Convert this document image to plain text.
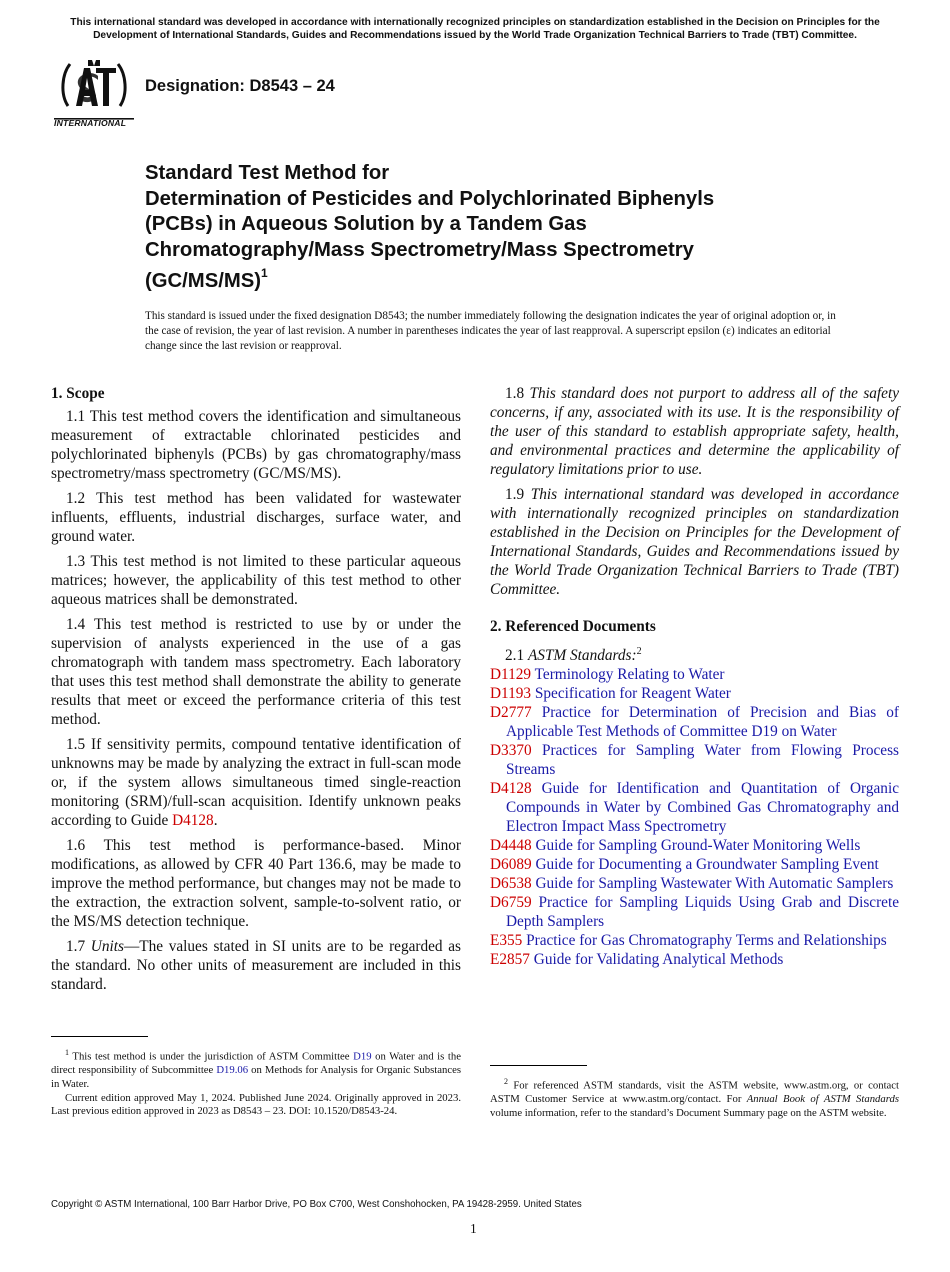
This international standard was developed in accordance with internationally recognized principles on standardization established in the Decision on Principles for the Development of International Standards, Guides and Recommendations issued by the World Trade Organization Technical Barriers to Trade (TBT) Committee.
INTERNATIONAL
Designation: D8543 – 24
Standard Test Method for
Determination of Pesticides and Polychlorinated Biphenyls
(PCBs) in Aqueous Solution by a Tandem Gas
Chromatography/Mass Spectrometry/Mass Spectrometry
$(GC/MS/MS)^1$
This standard is issued under the fixed designation D8543; the number immediately following the designation indicates the year of original adoption or, in the case of revision, the year of last revision. A number in parentheses indicates the year of last reapproval. A superscript epsilon (ε) indicates an editorial change since the last revision or reapproval.
1. Scope

1.1 This test method covers the identification and simultaneous measurement of extractable chlorinated pesticides and polychlorinated biphenyls (PCBs) by gas chromatography/mass spectrometry/mass spectrometry (GC/MS/MS).

1.2 This test method has been validated for wastewater influents, effluents, industrial discharges, surface water, and ground water.

1.3 This test method is not limited to these particular aqueous matrices; however, the applicability of this test method to other aqueous matrices shall be demonstrated.

1.4 This test method is restricted to use by or under the supervision of analysts experienced in the use of a gas chromatograph with tandem mass spectrometry. Each laboratory that uses this test method shall demonstrate the ability to generate results that meet or exceed the performance criteria of this test method.

1.5 If sensitivity permits, compound tentative identification of unknowns may be made by analyzing the extract in full-scan mode or, if the system allows simultaneous timed single-reaction monitoring (SRM)/full-scan acquisition. Identify unknown peaks according to Guide D4128.

1.6 This test method is performance-based. Minor modifications, as allowed by CFR 40 Part 136.6, may be made to improve the method performance, but changes may not be made to the extraction, the extraction solvent, sample-to-solvent ratio, or the MS/MS detection technique.

1.7 Units—The values stated in SI units are to be regarded as the standard. No other units of measurement are included in this standard.

1.8 This standard does not purport to address all of the safety concerns, if any, associated with its use. It is the responsibility of the user of this standard to establish appropriate safety, health, and environmental practices and determine the applicability of regulatory limitations prior to use.

1.9 This international standard was developed in accordance with internationally recognized principles on standardization established in the Decision on Principles for the Development of International Standards, Guides and Recommendations issued by the World Trade Organization Technical Barriers to Trade (TBT) Committee.

2. Referenced Documents

2.1 ASTM Standards:$^2$

D1129 Terminology Relating to Water
D1193 Specification for Reagent Water
D2777 Practice for Determination of Precision and Bias of Applicable Test Methods of Committee D19 on Water
D3370 Practices for Sampling Water from Flowing Process Streams
D4128 Guide for Identification and Quantitation of Organic Compounds in Water by Combined Gas Chromatography and Electron Impact Mass Spectrometry
D4448 Guide for Sampling Ground-Water Monitoring Wells
D6089 Guide for Documenting a Groundwater Sampling Event
D6538 Guide for Sampling Wastewater With Automatic Samplers
D6759 Practice for Sampling Liquids Using Grab and Discrete Depth Samplers
E355 Practice for Gas Chromatography Terms and Relationships
E2857 Guide for Validating Analytical Methods

$^1$ This test method is under the jurisdiction of ASTM Committee D19 on Water and is the direct responsibility of Subcommittee D19.06 on Methods for Analysis for Organic Substances in Water.

Current edition approved May 1, 2024. Published June 2024. Originally approved in 2023. Last previous edition approved in 2023 as D8543 – 23. DOI: 10.1520/D8543-24.

$^2$ For referenced ASTM standards, visit the ASTM website, www.astm.org, or contact ASTM Customer Service at www.astm.org/contact. For Annual Book of ASTM Standards volume information, refer to the standard’s Document Summary page on the ASTM website.

Copyright © ASTM International, 100 Barr Harbor Drive, PO Box C700, West Conshohocken, PA 19428-2959. United States
1
